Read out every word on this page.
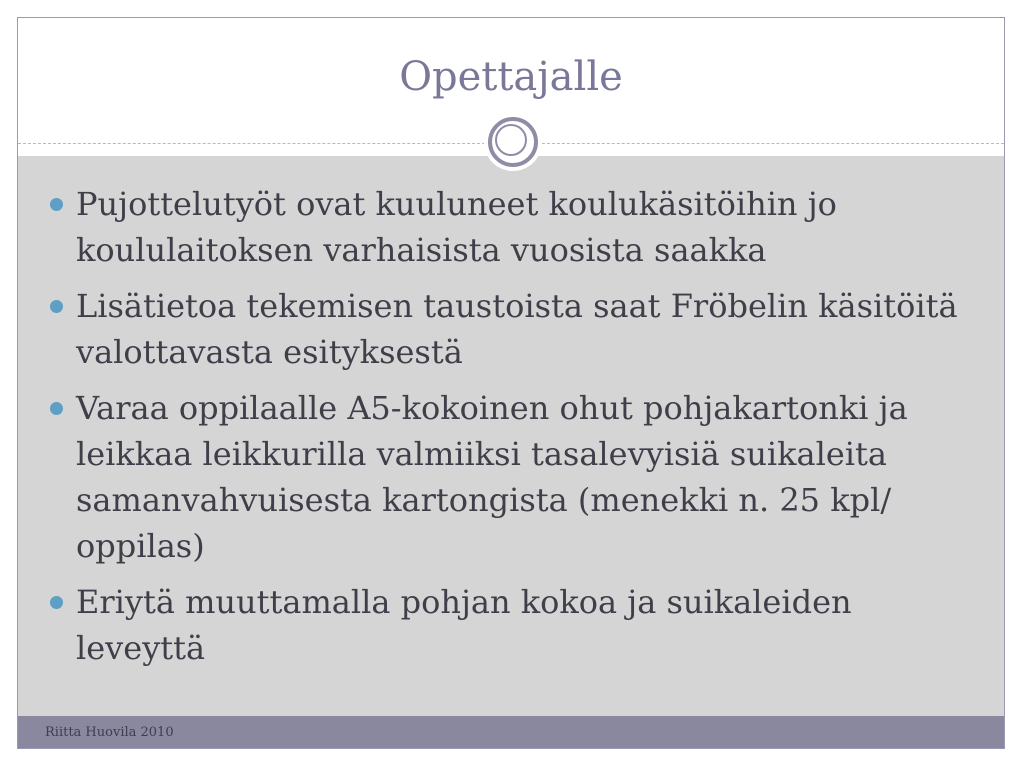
Opettajalle
Pujottelutyöt ovat kuuluneet koulukäsitöihin jo koululaitoksen varhaisista vuosista saakka
Lisätietoa tekemisen taustoista saat Fröbelin käsitöitä valottavasta esityksestä
Varaa oppilaalle A5-kokoinen ohut pohjakartonki ja leikkaa leikkurilla valmiiksi tasalevyisiä suikaleita samanvahvuisesta kartongista (menekki n. 25 kpl/ oppilas)
Eriytä muuttamalla pohjan kokoa ja suikaleiden leveyttä
Riitta Huovila 2010
